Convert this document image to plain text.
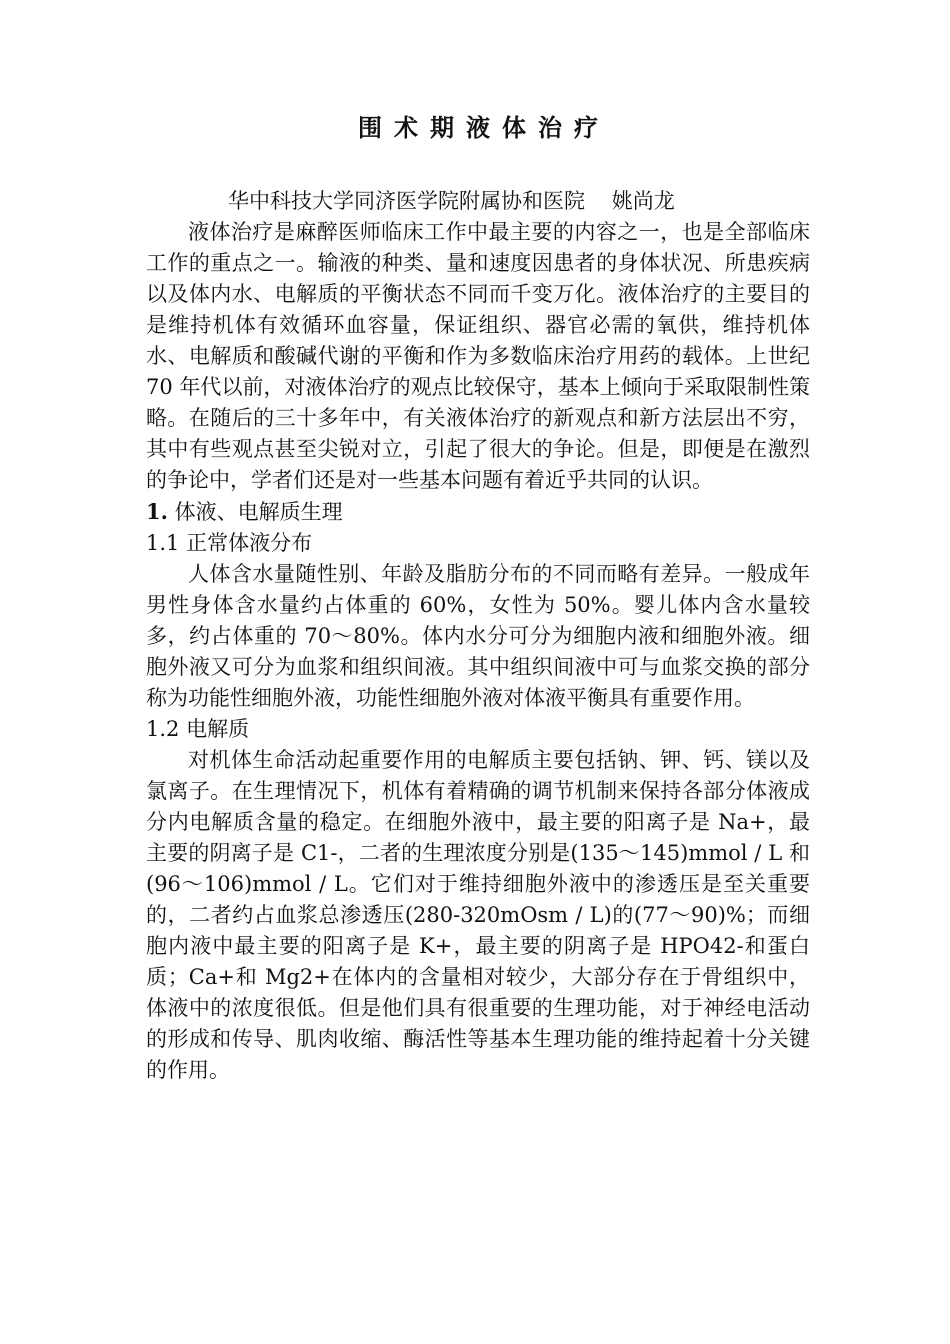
围术期液体治疗

华中科技大学同济医学院附属协和医院    姚尚龙

液体治疗是麻醉医师临床工作中最主要的内容之一，也是全部临床工作的重点之一。输液的种类、量和速度因患者的身体状况、所患疾病以及体内水、电解质的平衡状态不同而千变万化。液体治疗的主要目的是维持机体有效循环血容量，保证组织、器官必需的氧供，维持机体水、电解质和酸碱代谢的平衡和作为多数临床治疗用药的载体。上世纪 70 年代以前，对液体治疗的观点比较保守，基本上倾向于采取限制性策略。在随后的三十多年中，有关液体治疗的新观点和新方法层出不穷，其中有些观点甚至尖锐对立，引起了很大的争论。但是，即便是在激烈的争论中，学者们还是对一些基本问题有着近乎共同的认识。

1. 体液、电解质生理

1.1 正常体液分布

人体含水量随性别、年龄及脂肪分布的不同而略有差异。一般成年男性身体含水量约占体重的 60%，女性为 50%。婴儿体内含水量较多，约占体重的 70～80%。体内水分可分为细胞内液和细胞外液。细胞外液又可分为血浆和组织间液。其中组织间液中可与血浆交换的部分称为功能性细胞外液，功能性细胞外液对体液平衡具有重要作用。

1.2 电解质

对机体生命活动起重要作用的电解质主要包括钠、钾、钙、镁以及氯离子。在生理情况下，机体有着精确的调节机制来保持各部分体液成分内电解质含量的稳定。在细胞外液中，最主要的阳离子是 Na+，最主要的阴离子是 C1-，二者的生理浓度分别是(135～145)mmol / L 和(96～106)mmol / L。它们对于维持细胞外液中的渗透压是至关重要的，二者约占血浆总渗透压(280-320mOsm / L)的(77～90)%；而细胞内液中最主要的阳离子是 K+，最主要的阴离子是 HPO42-和蛋白质；Ca+和 Mg2+在体内的含量相对较少，大部分存在于骨组织中，体液中的浓度很低。但是他们具有很重要的生理功能，对于神经电活动的形成和传导、肌肉收缩、酶活性等基本生理功能的维持起着十分关键的作用。
